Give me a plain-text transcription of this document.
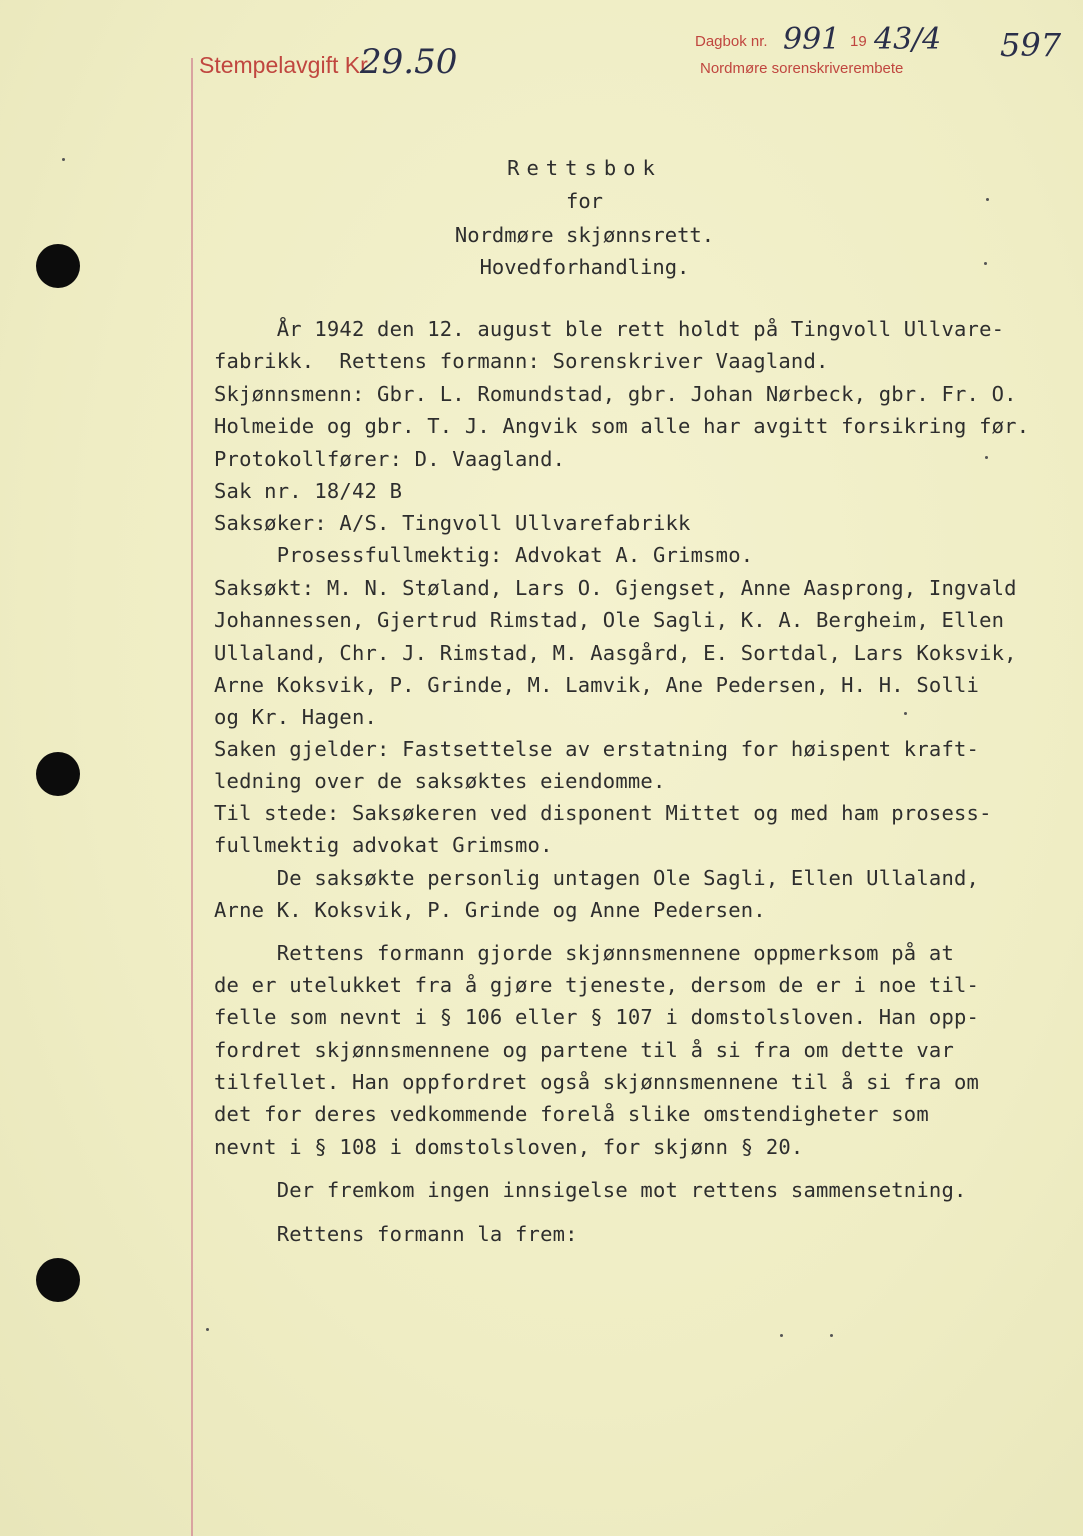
Stempelavgift Kr.
29.50
Dagbok nr. 991 19 43 /4
Nordmøre sorenskriverembete
597
Rettsbok
for
Nordmøre skjønnsrett.
Hovedforhandling.
År 1942 den 12. august ble rett holdt på Tingvoll Ullvare-
fabrikk.  Rettens formann: Sorenskriver Vaagland.
Skjønnsmenn: Gbr. L. Romundstad, gbr. Johan Nørbeck, gbr. Fr. O.
Holmeide og gbr. T. J. Angvik som alle har avgitt forsikring før.
Protokollfører: D. Vaagland.
Sak nr. 18/42 B
Saksøker: A/S. Tingvoll Ullvarefabrikk
Prosessfullmektig: Advokat A. Grimsmo.
Saksøkt: M. N. Støland, Lars O. Gjengset, Anne Aasprong, Ingvald
Johannessen, Gjertrud Rimstad, Ole Sagli, K. A. Bergheim, Ellen
Ullaland, Chr. J. Rimstad, M. Aasgård, E. Sortdal, Lars Koksvik,
Arne Koksvik, P. Grinde, M. Lamvik, Ane Pedersen, H. H. Solli
og Kr. Hagen.
Saken gjelder: Fastsettelse av erstatning for høispent kraft-
ledning over de saksøktes eiendomme.
Til stede: Saksøkeren ved disponent Mittet og med ham prosess-
fullmektig advokat Grimsmo.
De saksøkte personlig untagen Ole Sagli, Ellen Ullaland,
Arne K. Koksvik, P. Grinde og Anne Pedersen.
Rettens formann gjorde skjønnsmennene oppmerksom på at
de er utelukket fra å gjøre tjeneste, dersom de er i noe til-
felle som nevnt i § 106 eller § 107 i domstolsloven. Han opp-
fordret skjønnsmennene og partene til å si fra om dette var
tilfellet. Han oppfordret også skjønnsmennene til å si fra om
det for deres vedkommende forelå slike omstendigheter som
nevnt i § 108 i domstolsloven, for skjønn § 20.
Der fremkom ingen innsigelse mot rettens sammensetning.
Rettens formann la frem:
